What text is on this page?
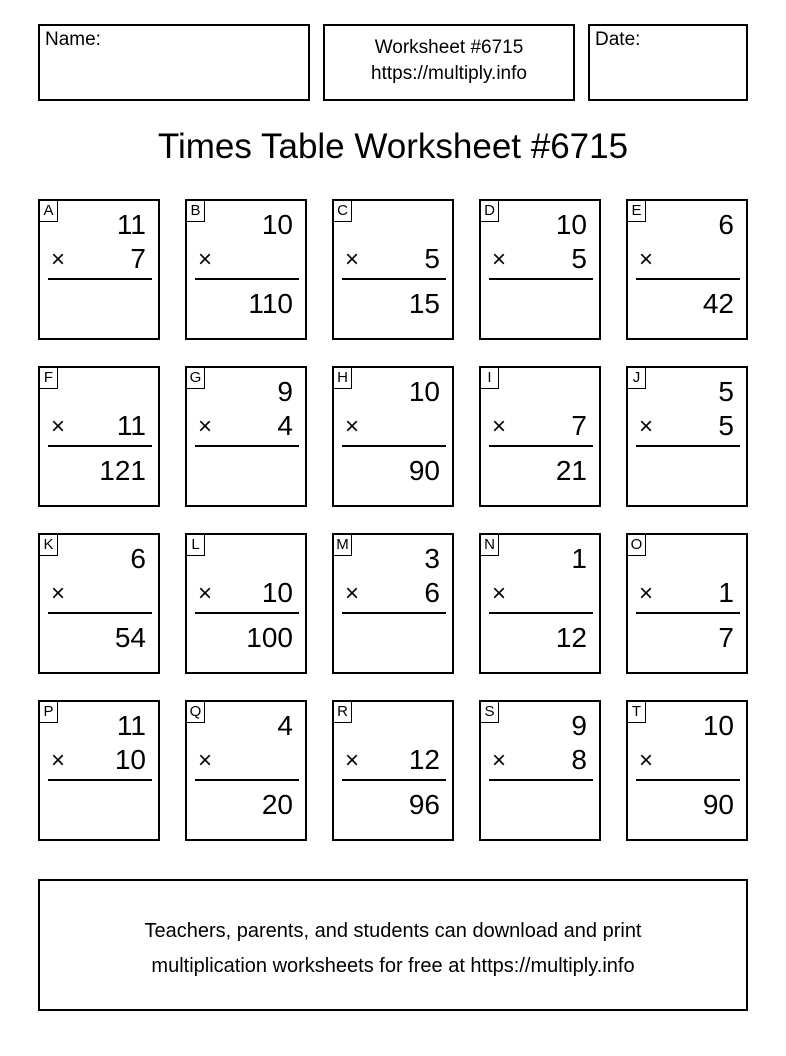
Name:	Worksheet #6715
https://multiply.info
Date:
Times Table Worksheet #6715
A 11
× 7
B 10
×
110
C
× 5
15
D 10
× 5
E	6
×
42
F
× 11
121
G	9
× 4
H 10
×
90
I
× 7
21
J	5
× 5
K	6
×
54
L
× 10
100
M	3
× 6
N	1
×
12
O
× 1
7
P 11
× 10
Q	4
×
20
R
× 12
96
S	9
× 8
T 10
×
90
Teachers, parents, and students can download and print
multiplication worksheets for free at https://multiply.info
